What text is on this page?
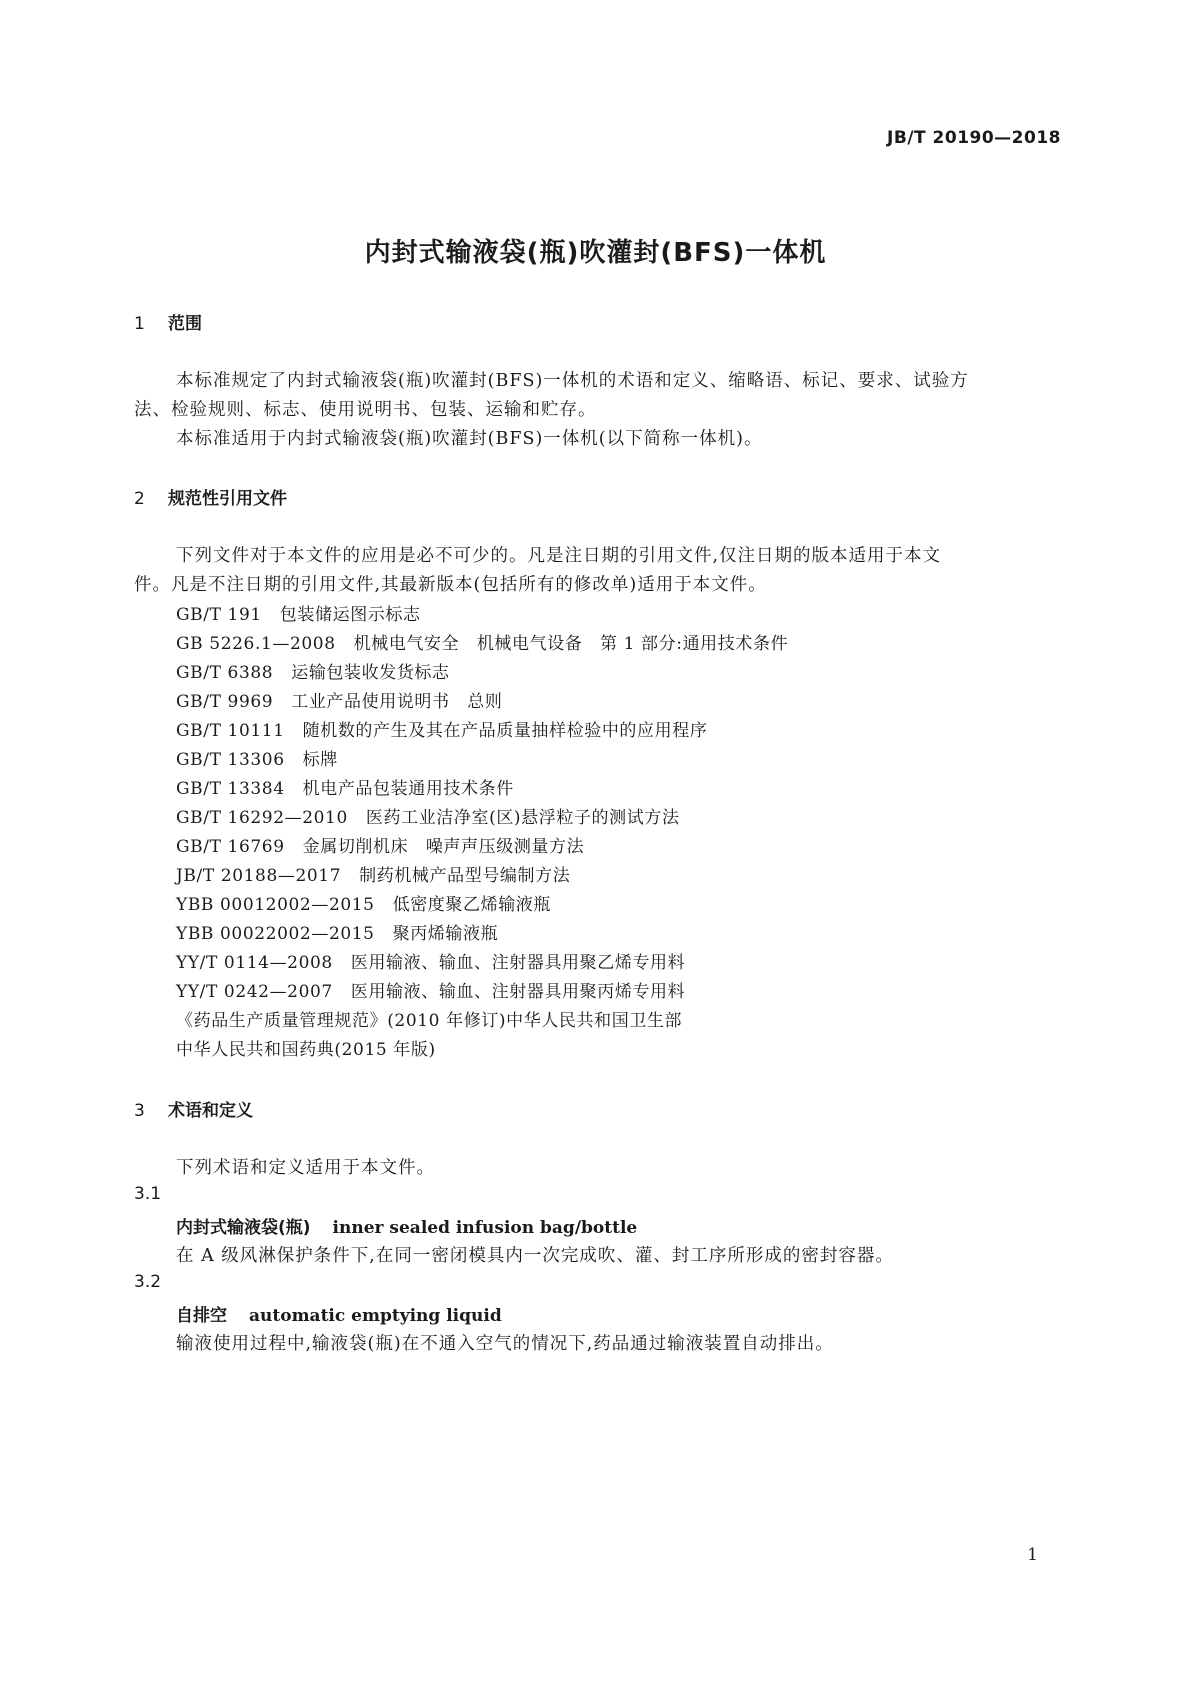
JB/T 20190—2018
内封式输液袋(瓶)吹灌封(BFS)一体机
1 范围
本标准规定了内封式输液袋(瓶)吹灌封(BFS)一体机的术语和定义、缩略语、标记、要求、试验方
法、检验规则、标志、使用说明书、包装、运输和贮存。
本标准适用于内封式输液袋(瓶)吹灌封(BFS)一体机(以下简称一体机)。
2 规范性引用文件
下列文件对于本文件的应用是必不可少的。凡是注日期的引用文件,仅注日期的版本适用于本文
件。凡是不注日期的引用文件,其最新版本(包括所有的修改单)适用于本文件。
GB/T 191 包装储运图示标志
GB 5226.1—2008 机械电气安全　机械电气设备　第 1 部分:通用技术条件
GB/T 6388 运输包装收发货标志
GB/T 9969 工业产品使用说明书　总则
GB/T 10111 随机数的产生及其在产品质量抽样检验中的应用程序
GB/T 13306 标牌
GB/T 13384 机电产品包装通用技术条件
GB/T 16292—2010 医药工业洁净室(区)悬浮粒子的测试方法
GB/T 16769 金属切削机床　噪声声压级测量方法
JB/T 20188—2017 制药机械产品型号编制方法
YBB 00012002—2015 低密度聚乙烯输液瓶
YBB 00022002—2015 聚丙烯输液瓶
YY/T 0114—2008 医用输液、输血、注射器具用聚乙烯专用料
YY/T 0242—2007 医用输液、输血、注射器具用聚丙烯专用料
《药品生产质量管理规范》(2010 年修订)中华人民共和国卫生部
中华人民共和国药典(2015 年版)
3 术语和定义
下列术语和定义适用于本文件。
3.1
内封式输液袋(瓶) inner sealed infusion bag/bottle
在 A 级风淋保护条件下,在同一密闭模具内一次完成吹、灌、封工序所形成的密封容器。
3.2
自排空 automatic emptying liquid
输液使用过程中,输液袋(瓶)在不通入空气的情况下,药品通过输液装置自动排出。
1
